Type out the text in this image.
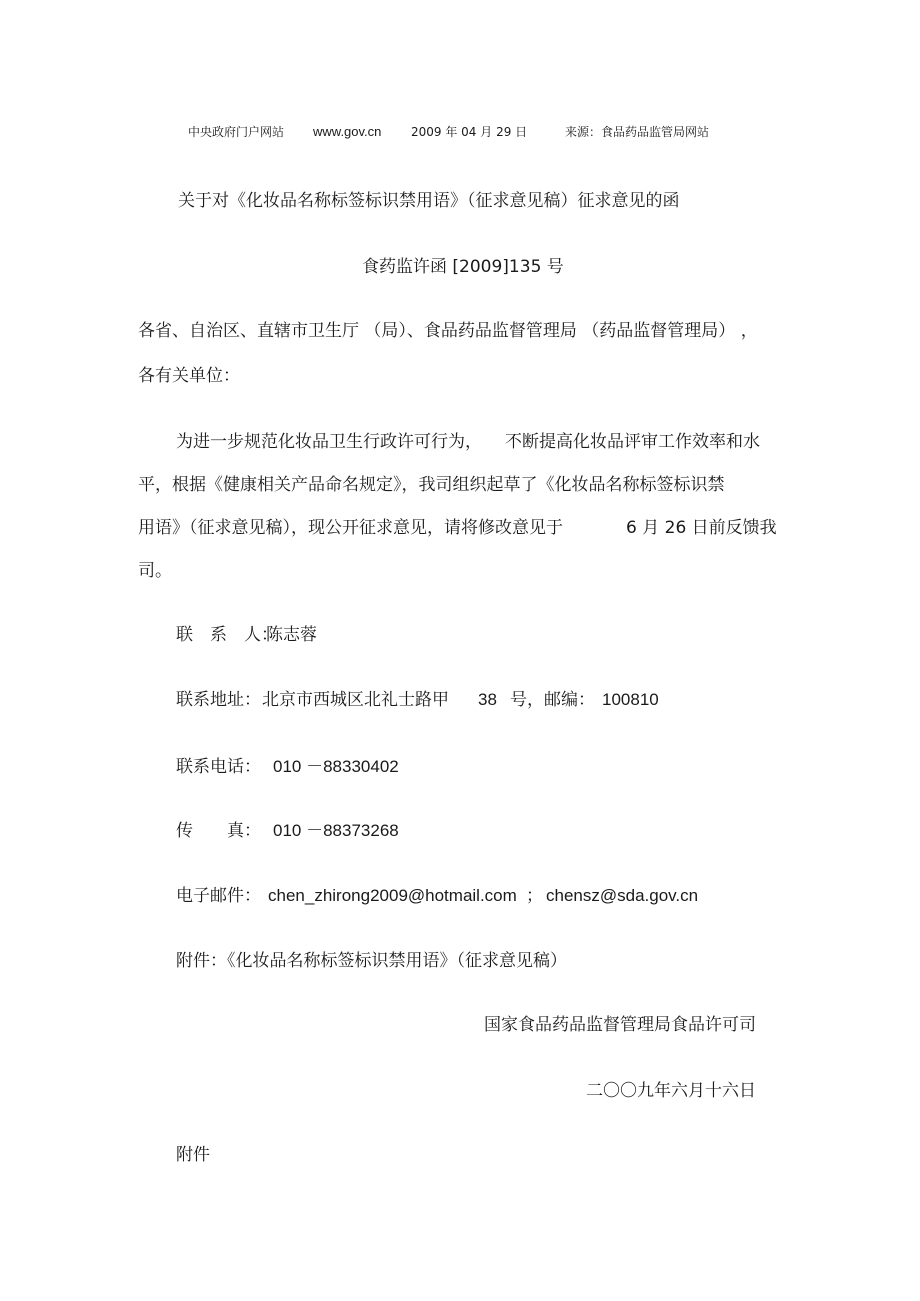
中央政府门户网站 www.gov.cn 2009 年 04 月 29 日	来源：食品药品监管局网站
关于对《化妆品名称标签标识禁用语》（征求意见稿）征求意见的函
食药监许函 [2009]135 号
各省、自治区、直辖市卫生厅 （局）、食品药品监督管理局 （药品监督管理局） ，
各有关单位：
为进一步规范化妆品卫生行政许可行为， 不断提高化妆品评审工作效率和水
平，根据《健康相关产品命名规定》，我司组织起草了《化妆品名称标签标识禁
用语》（征求意见稿），现公开征求意见，请将修改意见于	6 月 26 日前反馈我
司。
联　系　人：
陈志蓉
联系地址： 北京市西城区北礼士路甲 38 号，邮编： 100810
联系电话： 010 －88330402
传　　真： 010 －88373268
电子邮件： chen_zhirong2009@hotmail.com ； chensz@sda.gov.cn
附件：《化妆品名称标签标识禁用语》（征求意见稿）
国家食品药品监督管理局食品许可司
二〇〇九年六月十六日
附件
